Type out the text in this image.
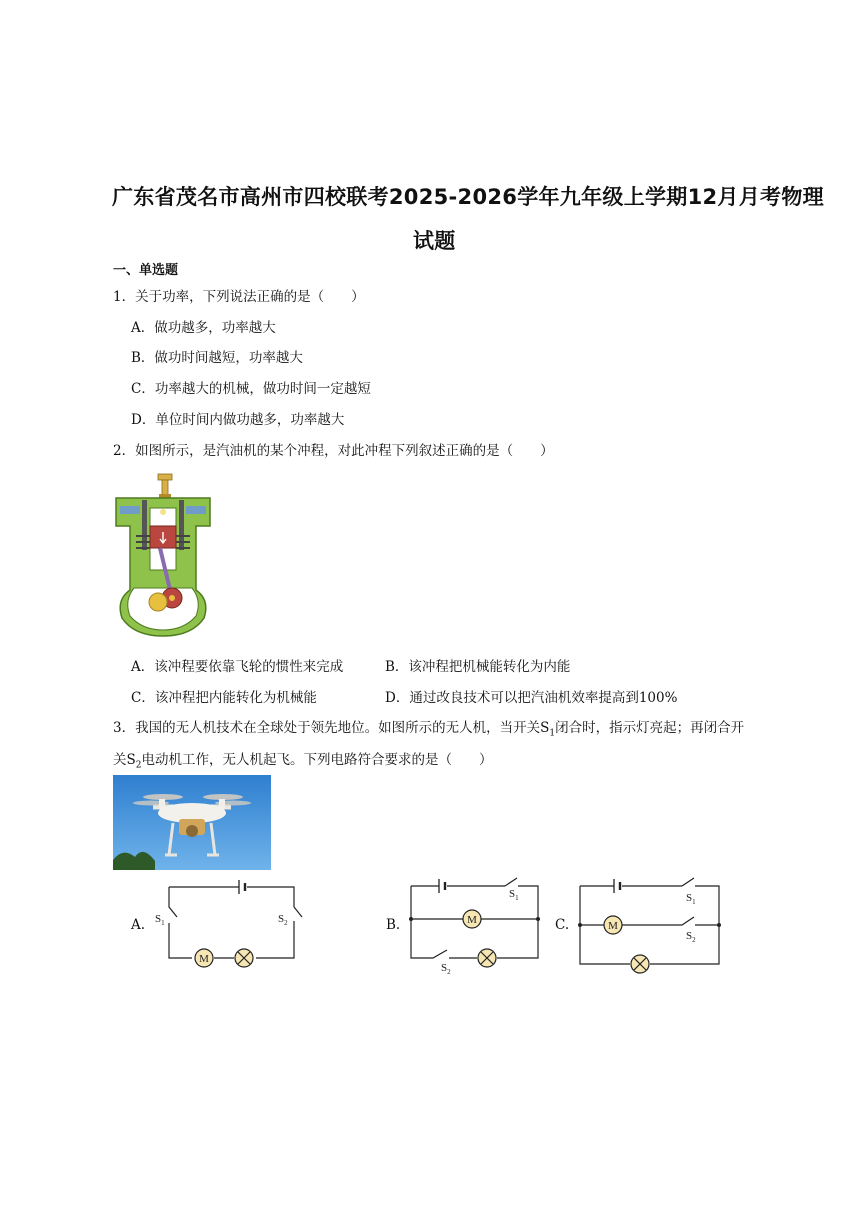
广东省茂名市高州市四校联考2025-2026学年九年级上学期12月月考物理
试题
一、单选题
1．关于功率，下列说法正确的是（　　）
A．做功越多，功率越大
B．做功时间越短，功率越大
C．功率越大的机械，做功时间一定越短
D．单位时间内做功越多，功率越大
2．如图所示，是汽油机的某个冲程，对此冲程下列叙述正确的是（　　）
A．该冲程要依靠飞轮的惯性来完成	B．该冲程把机械能转化为内能
C．该冲程把内能转化为机械能	D．通过改良技术可以把汽油机效率提高到100%
3．我国的无人机技术在全球处于领先地位。如图所示的无人机，当开关$S_1$闭合时，指示灯亮起；再闭合开
关$S_2$电动机工作，无人机起飞。下列电路符合要求的是（　　）
A.
M
$S_1$	$S_2$	B.	M
$S_1$
$S_2$
C.	M
$S_1$
$S_2$
